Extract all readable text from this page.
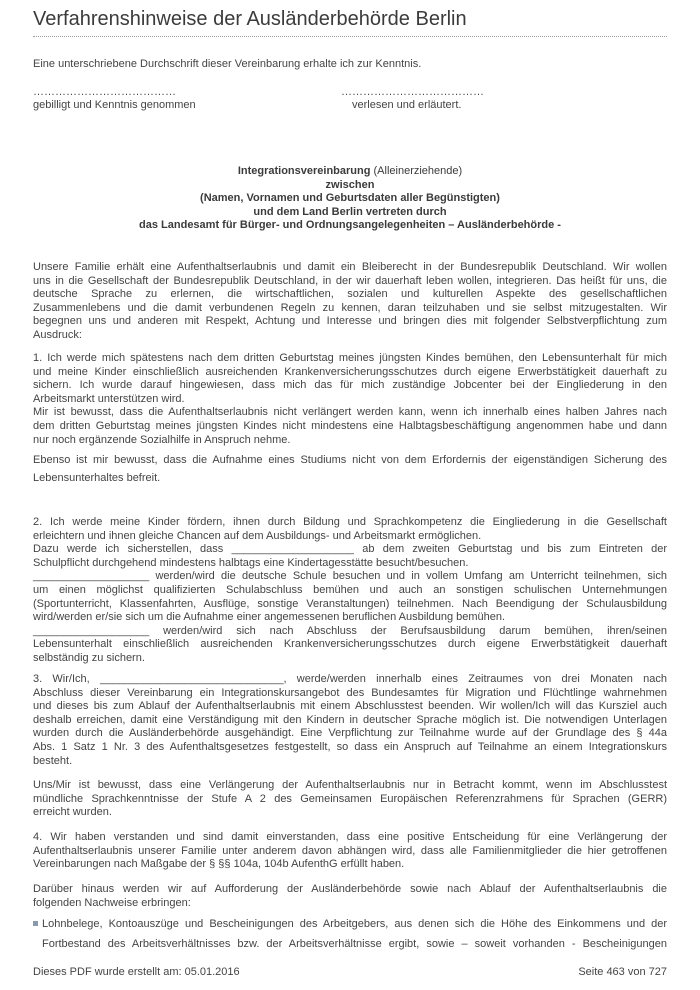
Verfahrenshinweise der Ausländerbehörde Berlin
Eine unterschriebene Durchschrift dieser Vereinbarung erhalte ich zur Kenntnis.
…………………………………	…………………………………
gebilligt und Kenntnis genommen	verlesen und erläutert.
Integrationsvereinbarung (Alleinerziehende)
zwischen
(Namen, Vornamen und Geburtsdaten aller Begünstigten)
und dem Land Berlin vertreten durch
das Landesamt für Bürger- und Ordnungsangelegenheiten – Ausländerbehörde -
Unsere Familie erhält eine Aufenthaltserlaubnis und damit ein Bleiberecht in der Bundesrepublik Deutschland. Wir wollen
uns in die Gesellschaft der Bundesrepublik Deutschland, in der wir dauerhaft leben wollen, integrieren. Das heißt für uns, die
deutsche Sprache zu erlernen, die wirtschaftlichen, sozialen und kulturellen Aspekte des gesellschaftlichen
Zusammenlebens und die damit verbundenen Regeln zu kennen, daran teilzuhaben und sie selbst mitzugestalten. Wir
begegnen uns und anderen mit Respekt, Achtung und Interesse und bringen dies mit folgender Selbstverpflichtung zum
Ausdruck:
1. Ich werde mich spätestens nach dem dritten Geburtstag meines jüngsten Kindes bemühen, den Lebensunterhalt für mich
und meine Kinder einschließlich ausreichenden Krankenversicherungsschutzes durch eigene Erwerbstätigkeit dauerhaft zu
sichern. Ich wurde darauf hingewiesen, dass mich das für mich zuständige Jobcenter bei der Eingliederung in den
Arbeitsmarkt unterstützen wird.
Mir ist bewusst, dass die Aufenthaltserlaubnis nicht verlängert werden kann, wenn ich innerhalb eines halben Jahres nach
dem dritten Geburtstag meines jüngsten Kindes nicht mindestens eine Halbtagsbeschäftigung angenommen habe und dann
nur noch ergänzende Sozialhilfe in Anspruch nehme.
Ebenso ist mir bewusst, dass die Aufnahme eines Studiums nicht von dem Erfordernis der eigenständigen Sicherung des
Lebensunterhaltes befreit.
2. Ich werde meine Kinder fördern, ihnen durch Bildung und Sprachkompetenz die Eingliederung in die Gesellschaft
erleichtern und ihnen gleiche Chancen auf dem Ausbildungs- und Arbeitsmarkt ermöglichen.
Dazu werde ich sicherstellen, dass ____________________ ab dem zweiten Geburtstag und bis zum Eintreten der
Schulpflicht durchgehend mindestens halbtags eine Kindertagesstätte besucht/besuchen.
___________________ werden/wird die deutsche Schule besuchen und in vollem Umfang am Unterricht teilnehmen, sich
um einen möglichst qualifizierten Schulabschluss bemühen und auch an sonstigen schulischen Unternehmungen
(Sportunterricht, Klassenfahrten, Ausflüge, sonstige Veranstaltungen) teilnehmen. Nach Beendigung der Schulausbildung
wird/werden er/sie sich um die Aufnahme einer angemessenen beruflichen Ausbildung bemühen.
___________________ werden/wird sich nach Abschluss der Berufsausbildung darum bemühen, ihren/seinen
Lebensunterhalt einschließlich ausreichenden Krankenversicherungsschutzes durch eigene Erwerbstätigkeit dauerhaft
selbständig zu sichern.
3. Wir/Ich, ______________________________, werde/werden innerhalb eines Zeitraumes von drei Monaten nach
Abschluss dieser Vereinbarung ein Integrationskursangebot des Bundesamtes für Migration und Flüchtlinge wahrnehmen
und dieses bis zum Ablauf der Aufenthaltserlaubnis mit einem Abschlusstest beenden. Wir wollen/Ich will das Kursziel auch
deshalb erreichen, damit eine Verständigung mit den Kindern in deutscher Sprache möglich ist. Die notwendigen Unterlagen
wurden durch die Ausländerbehörde ausgehändigt. Eine Verpflichtung zur Teilnahme wurde auf der Grundlage des § 44a
Abs. 1 Satz 1 Nr. 3 des Aufenthaltsgesetzes festgestellt, so dass ein Anspruch auf Teilnahme an einem Integrationskurs
besteht.
Uns/Mir ist bewusst, dass eine Verlängerung der Aufenthaltserlaubnis nur in Betracht kommt, wenn im Abschlusstest
mündliche Sprachkenntnisse der Stufe A 2 des Gemeinsamen Europäischen Referenzrahmens für Sprachen (GERR)
erreicht wurden.
4. Wir haben verstanden und sind damit einverstanden, dass eine positive Entscheidung für eine Verlängerung der
Aufenthaltserlaubnis unserer Familie unter anderem davon abhängen wird, dass alle Familienmitglieder die hier getroffenen
Vereinbarungen nach Maßgabe der § §§ 104a, 104b AufenthG erfüllt haben.
Darüber hinaus werden wir auf Aufforderung der Ausländerbehörde sowie nach Ablauf der Aufenthaltserlaubnis die
folgenden Nachweise erbringen:
Lohnbelege, Kontoauszüge und Bescheinigungen des Arbeitgebers, aus denen sich die Höhe des Einkommens und der
Fortbestand des Arbeitsverhältnisses bzw. der Arbeitsverhältnisse ergibt, sowie – soweit vorhanden - Bescheinigungen
Dieses PDF wurde erstellt am: 05.01.2016	Seite 463 von 727
